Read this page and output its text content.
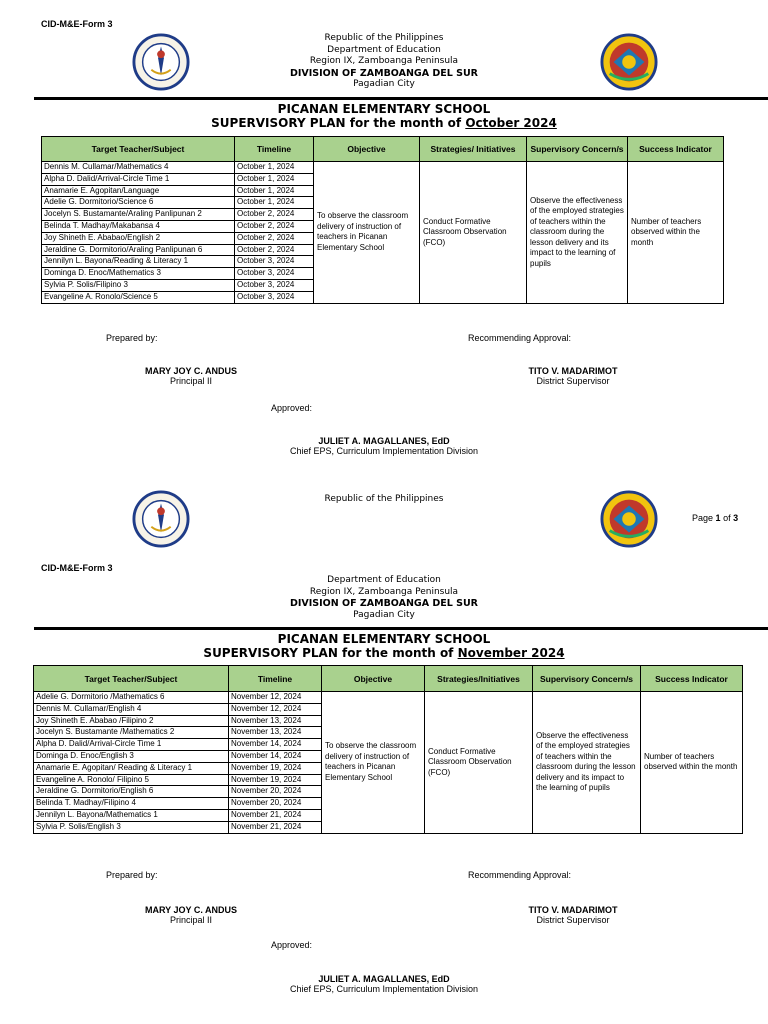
CID-M&E-Form 3
Republic of the Philippines
Department of Education
Region IX, Zamboanga Peninsula
DIVISION OF ZAMBOANGA DEL SUR
Pagadian City
PICANAN ELEMENTARY SCHOOL
SUPERVISORY PLAN for the month of October 2024
Target Teacher/Subject	Timeline	Objective	Strategies/ Initiatives	Supervisory Concern/s	Success Indicator
Dennis M. Cullamar/Mathematics 4	October 1, 2024	To observe the classroom delivery of instruction of teachers in Picanan Elementary School	Conduct Formative Classroom Observation (FCO)	Observe the effectiveness of the employed strategies of teachers within the classroom during the lesson delivery and its impact to the learning of pupils	Number of teachers observed within the month
Alpha D. Dalid/Arrival-Circle Time 1	October 1, 2024				
Anamarie E. Agopitan/Language	October 1, 2024				
Adelie G. Dormitorio/Science 6	October 1, 2024				
Jocelyn S. Bustamante/Araling Panlipunan 2	October 2, 2024				
Belinda T. Madhay/Makabansa 4	October 2, 2024				
Joy Shineth E. Ababao/English 2	October 2, 2024				
Jeraldine G. Dormitorio/Araling Panlipunan 6	October 2, 2024				
Jennilyn L. Bayona/Reading & Literacy 1	October 3, 2024				
Dominga D. Enoc/Mathematics 3	October 3, 2024				
Sylvia P. Solis/Filipino 3	October 3, 2024				
Evangeline A. Ronolo/Science 5	October 3, 2024				
Prepared by:	Recommending Approval:
MARY JOY C. ANDUS
Principal II
TITO V. MADARIMOT
District Supervisor
Approved:
JULIET A. MAGALLANES, EdD
Chief EPS, Curriculum Implementation Division
Republic of the Philippines
Page 1 of 3
CID-M&E-Form 3
Department of Education
Region IX, Zamboanga Peninsula
DIVISION OF ZAMBOANGA DEL SUR
Pagadian City
PICANAN ELEMENTARY SCHOOL
SUPERVISORY PLAN for the month of November 2024
Target Teacher/Subject	Timeline	Objective	Strategies/Initiatives	Supervisory Concern/s	Success Indicator
Adelie G. Dormitorio /Mathematics 6	November 12, 2024	To observe the classroom delivery of instruction of teachers in Picanan Elementary School	Conduct Formative Classroom Observation (FCO)	Observe the effectiveness of the employed strategies of teachers within the classroom during the lesson delivery and its impact to the learning of pupils	Number of teachers observed within the month
Dennis M. Cullamar/English 4	November 12, 2024				
Joy Shineth E. Ababao /Filipino 2	November 13, 2024				
Jocelyn S. Bustamante /Mathematics 2	November 13, 2024				
Alpha D. Dalid/Arrival-Circle Time 1	November 14, 2024				
Dominga D. Enoc/English 3	November 14, 2024				
Anamarie E. Agopitan/ Reading & Literacy 1	November 19, 2024				
Evangeline A. Ronolo/ Filipino 5	November 19, 2024				
Jeraldine G. Dormitorio/English 6	November 20, 2024				
Belinda T. Madhay/Filipino 4	November 20, 2024				
Jennilyn L. Bayona/Mathematics 1	November 21, 2024				
Sylvia P. Solis/English 3	November 21, 2024				
Prepared by:	Recommending Approval:
MARY JOY C. ANDUS
Principal II
TITO V. MADARIMOT
District Supervisor
Approved:
JULIET A. MAGALLANES, EdD
Chief EPS, Curriculum Implementation Division
